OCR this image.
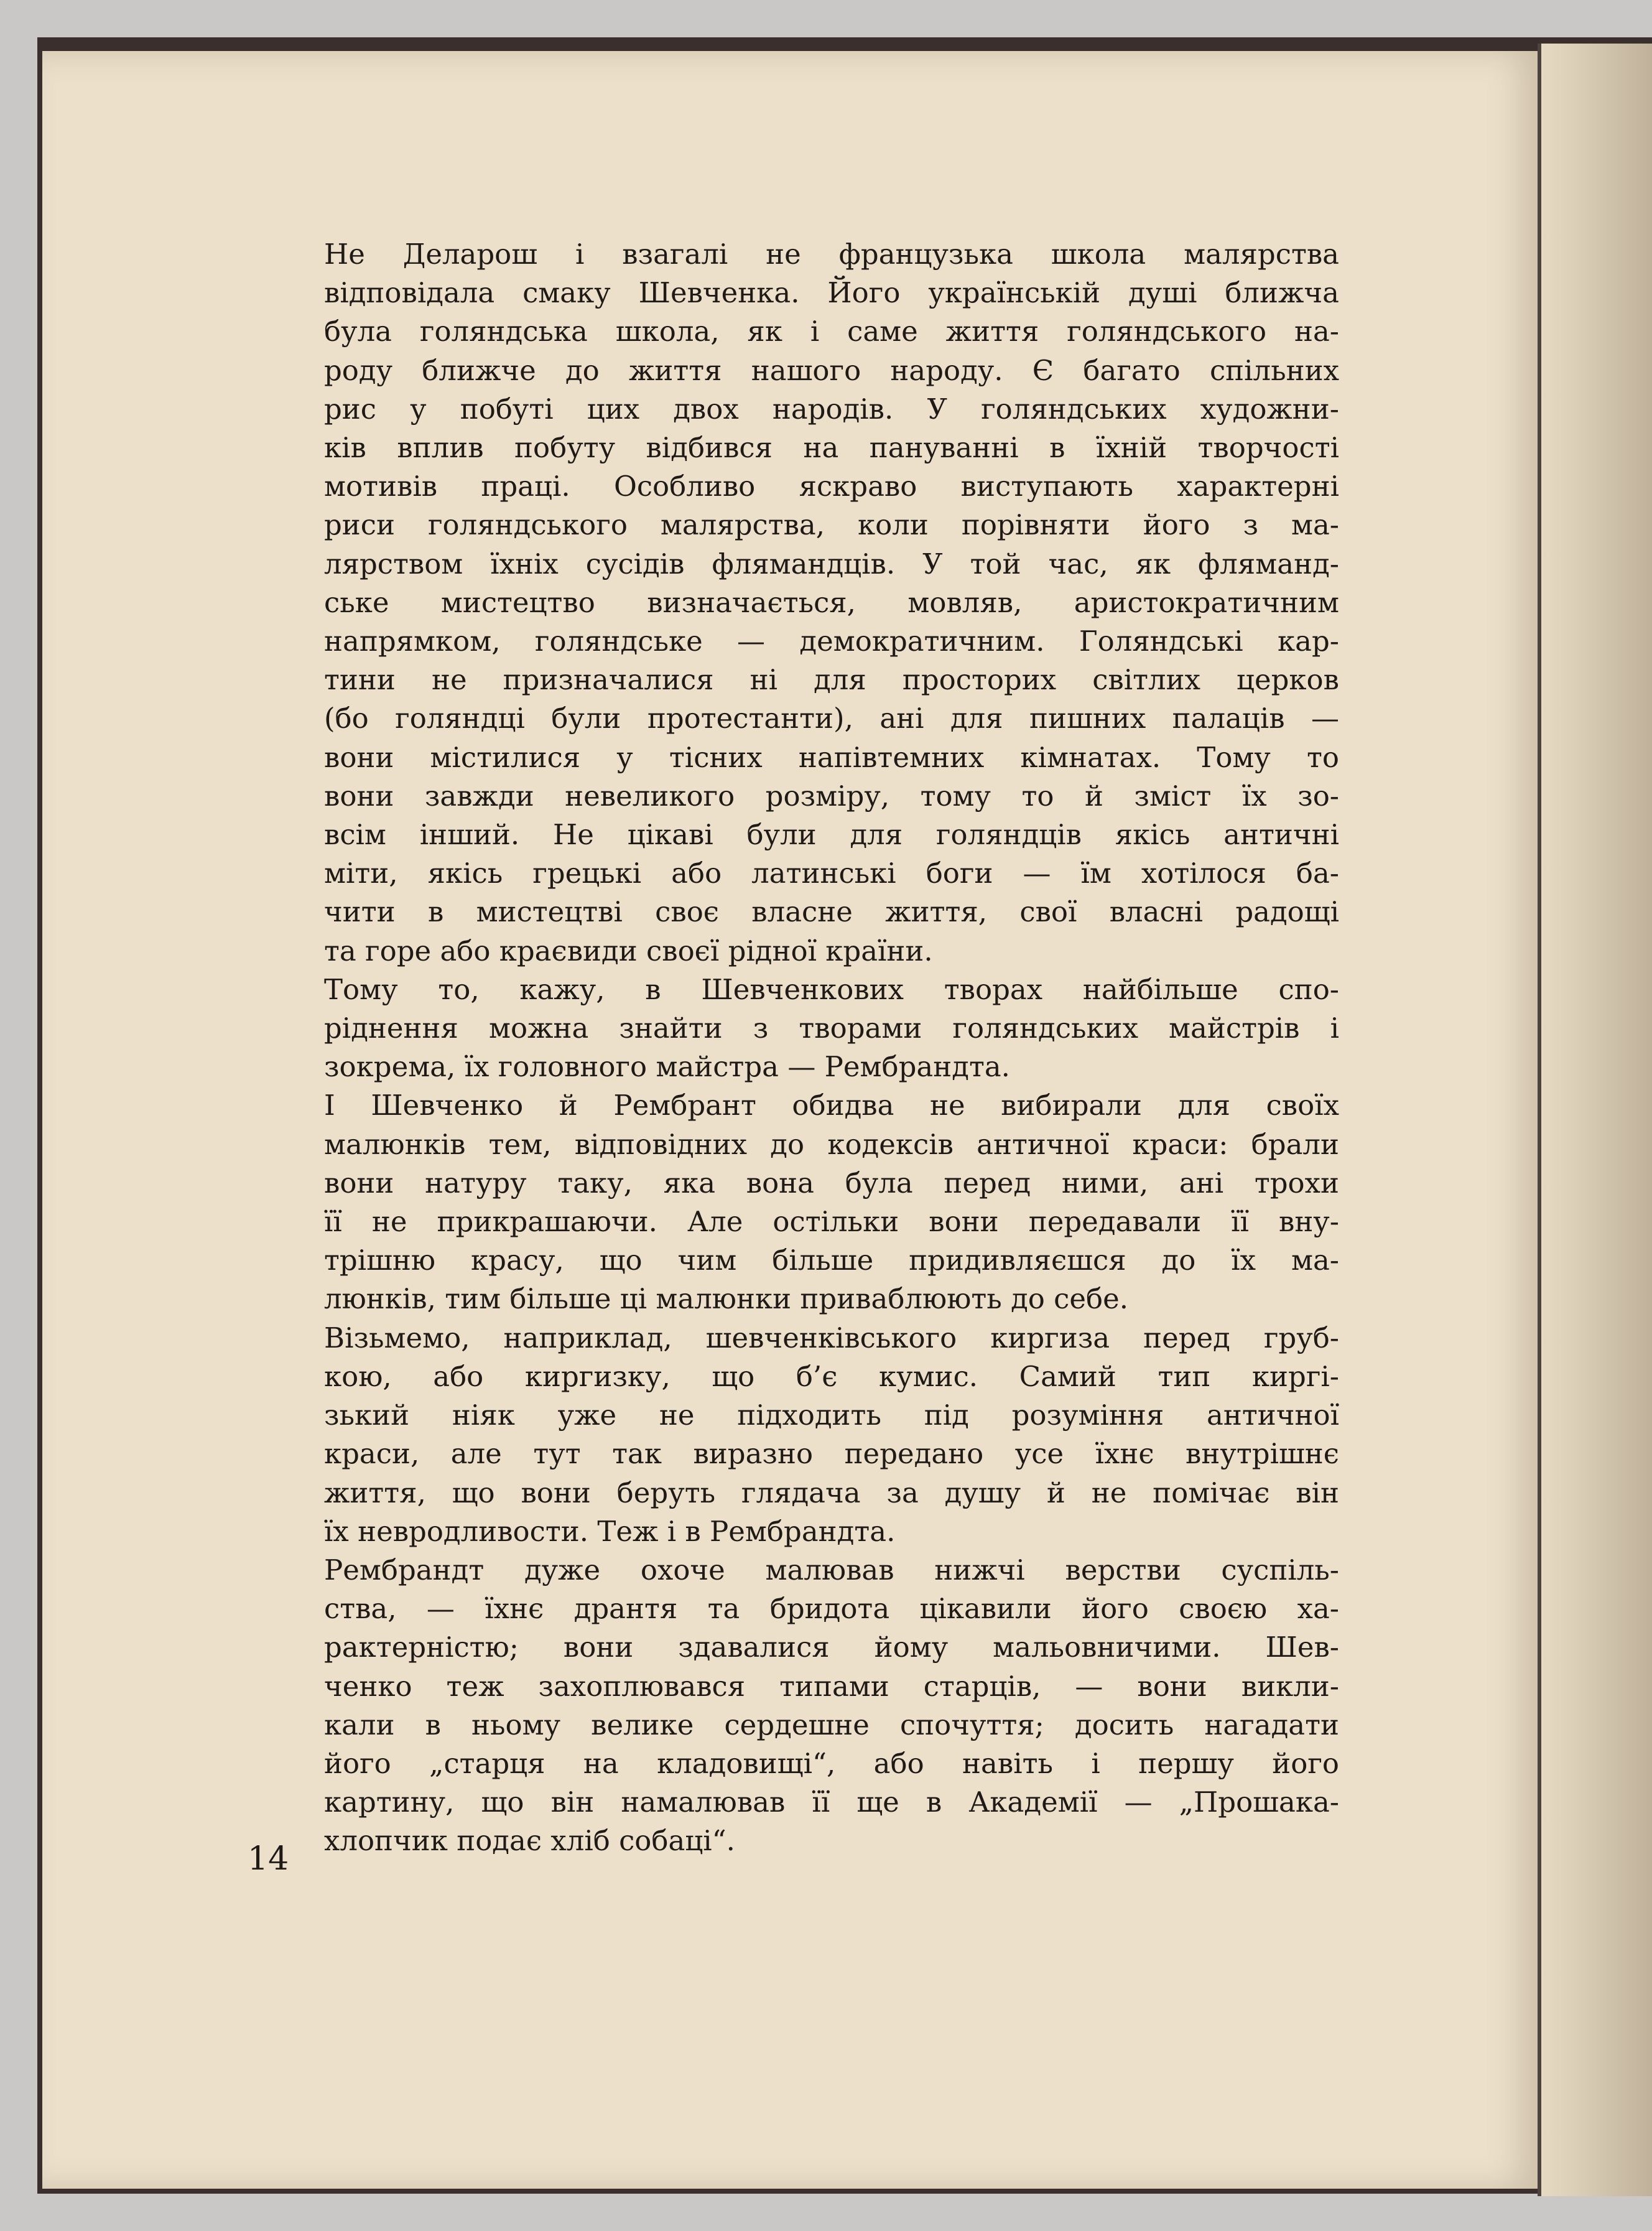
14
Не Деларош і взагалі не французька школа малярства
відповідала смаку Шевченка. Його українській душі ближча
була голяндська школа, як і саме життя голяндського на-
роду ближче до життя нашого народу. Є багато спільних
рис у побуті цих двох народів. У голяндських художни-
ків вплив побуту відбився на пануванні в їхній творчості
мотивів праці. Особливо яскраво виступають характерні
риси голяндського малярства, коли порівняти його з ма-
лярством їхніх сусідів флямандців. У той час, як фляманд-
ське мистецтво визначається, мовляв, аристократичним
напрямком, голяндське — демократичним. Голяндські кар-
тини не призначалися ні для просторих світлих церков
(бо голяндці були протестанти), ані для пишних палаців —
вони містилися у тісних напівтемних кімнатах. Тому то
вони завжди невеликого розміру, тому то й зміст їх зо-
всім інший. Не цікаві були для голяндців якісь античні
міти, якісь грецькі або латинські боги — їм хотілося ба-
чити в мистецтві своє власне життя, свої власні радощі
та горе або краєвиди своєї рідної країни.
Тому то, кажу, в Шевченкових творах найбільше спо-
ріднення можна знайти з творами голяндських майстрів і
зокрема, їх головного майстра — Рембрандта.
І Шевченко й Рембрант обидва не вибирали для своїх
малюнків тем, відповідних до кодексів античної краси: брали
вони натуру таку, яка вона була перед ними, ані трохи
її не прикрашаючи. Але остільки вони передавали її вну-
трішню красу, що чим більше придивляєшся до їх ма-
люнків, тим більше ці малюнки приваблюють до себе.
Візьмемо, наприклад, шевченківського киргиза перед груб-
кою, або киргизку, що б’є кумис. Самий тип киргі-
зький ніяк уже не підходить під розуміння античної
краси, але тут так виразно передано усе їхнє внутрішнє
життя, що вони беруть глядача за душу й не помічає він
їх невродливости. Теж і в Рембрандта.
Рембрандт дуже охоче малював нижчі верстви суспіль-
ства, — їхнє дрантя та бридота цікавили його своєю ха-
рактерністю; вони здавалися йому мальовничими. Шев-
ченко теж захоплювався типами старців, — вони викли-
кали в ньому велике сердешне спочуття; досить нагадати
його „старця на кладовищі“, або навіть і першу його
картину, що він намалював її ще в Академії — „Прошака-
хлопчик подає хліб собаці“.
